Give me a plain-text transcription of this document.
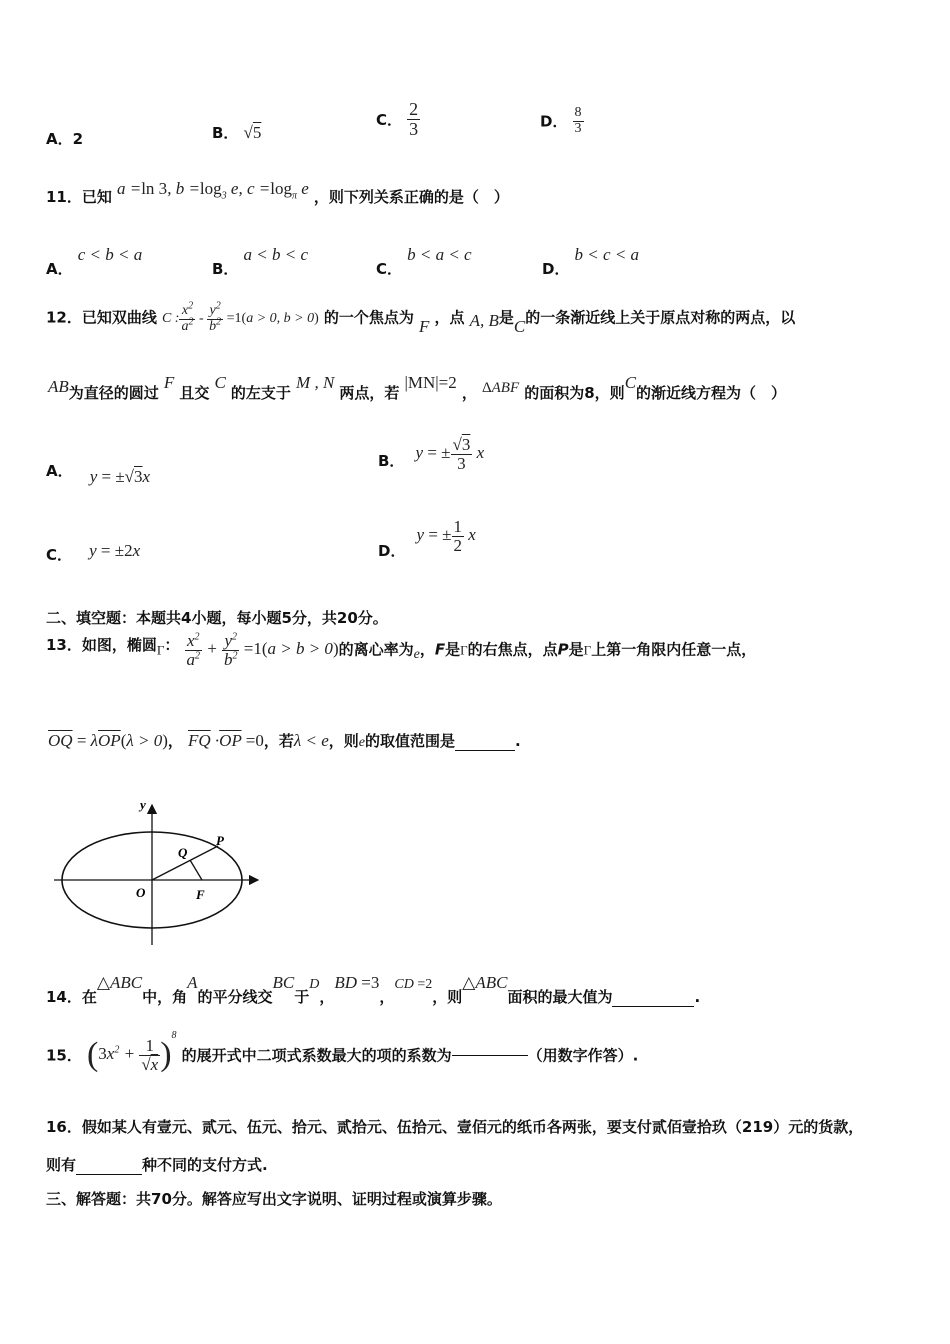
A．2	B． √5
C． $\frac{2}{3}$	D． $\frac{8}{3}$
11．已知 a =ln 3, $b =\log_3$ e, $c =\log_\pi$ e ，则下列关系正确的是（　）
A． c < b < a
B． a < b < c
C． b < a < c
D． b < c < a
12．已知双曲线 C : $\frac{x^2}{a^2} - \frac{y^2}{b^2} =1(a > 0$, b > 0) 的一个焦点为 F ，点 A, B是C的一条渐近线上关于原点对称的两点，以
AB为直径的圆过 F 且交 C 的左支于 M , N 两点，若 |MN|=2 ， ΔABF 的面积为8，则C的渐近线方程为（　）
A． y = ±√3x
B． y = ± $\frac{√3}{3}$ x
C． y = ±2x	D． y = ± $\frac{1}{2}$ x
二、填空题：本题共4小题，每小题5分，共20分。
13．如图，椭圆Γ： $\frac{x^2}{a^2} + \frac{y^2}{b^2} =1(a > b > 0)$的离心率为e，F是Γ的右焦点，点P是Γ上第一角限内任意一点，
$\overline{OQ} = \lambda\overline{OP}(\lambda > 0)$， $\overline{FQ} \cdot\overline{OP} =0$，若λ < e，则e的取值范围是	.
y
O
Q
P
F
14．在△ABC中，角A的平分线交BC于D，BD =3，CD =2，则△ABC面积的最大值为	.
15． $(3x^2 + \frac{1}{√x} )^8$ 的展开式中二项式系数最大的项的系数为	（用数字作答）.
16．假如某人有壹元、贰元、伍元、拾元、贰拾元、伍拾元、壹佰元的纸币各两张，要支付贰佰壹拾玖（219）元的货款，
则有	种不同的支付方式.
三、解答题：共70分。解答应写出文字说明、证明过程或演算步骤。
